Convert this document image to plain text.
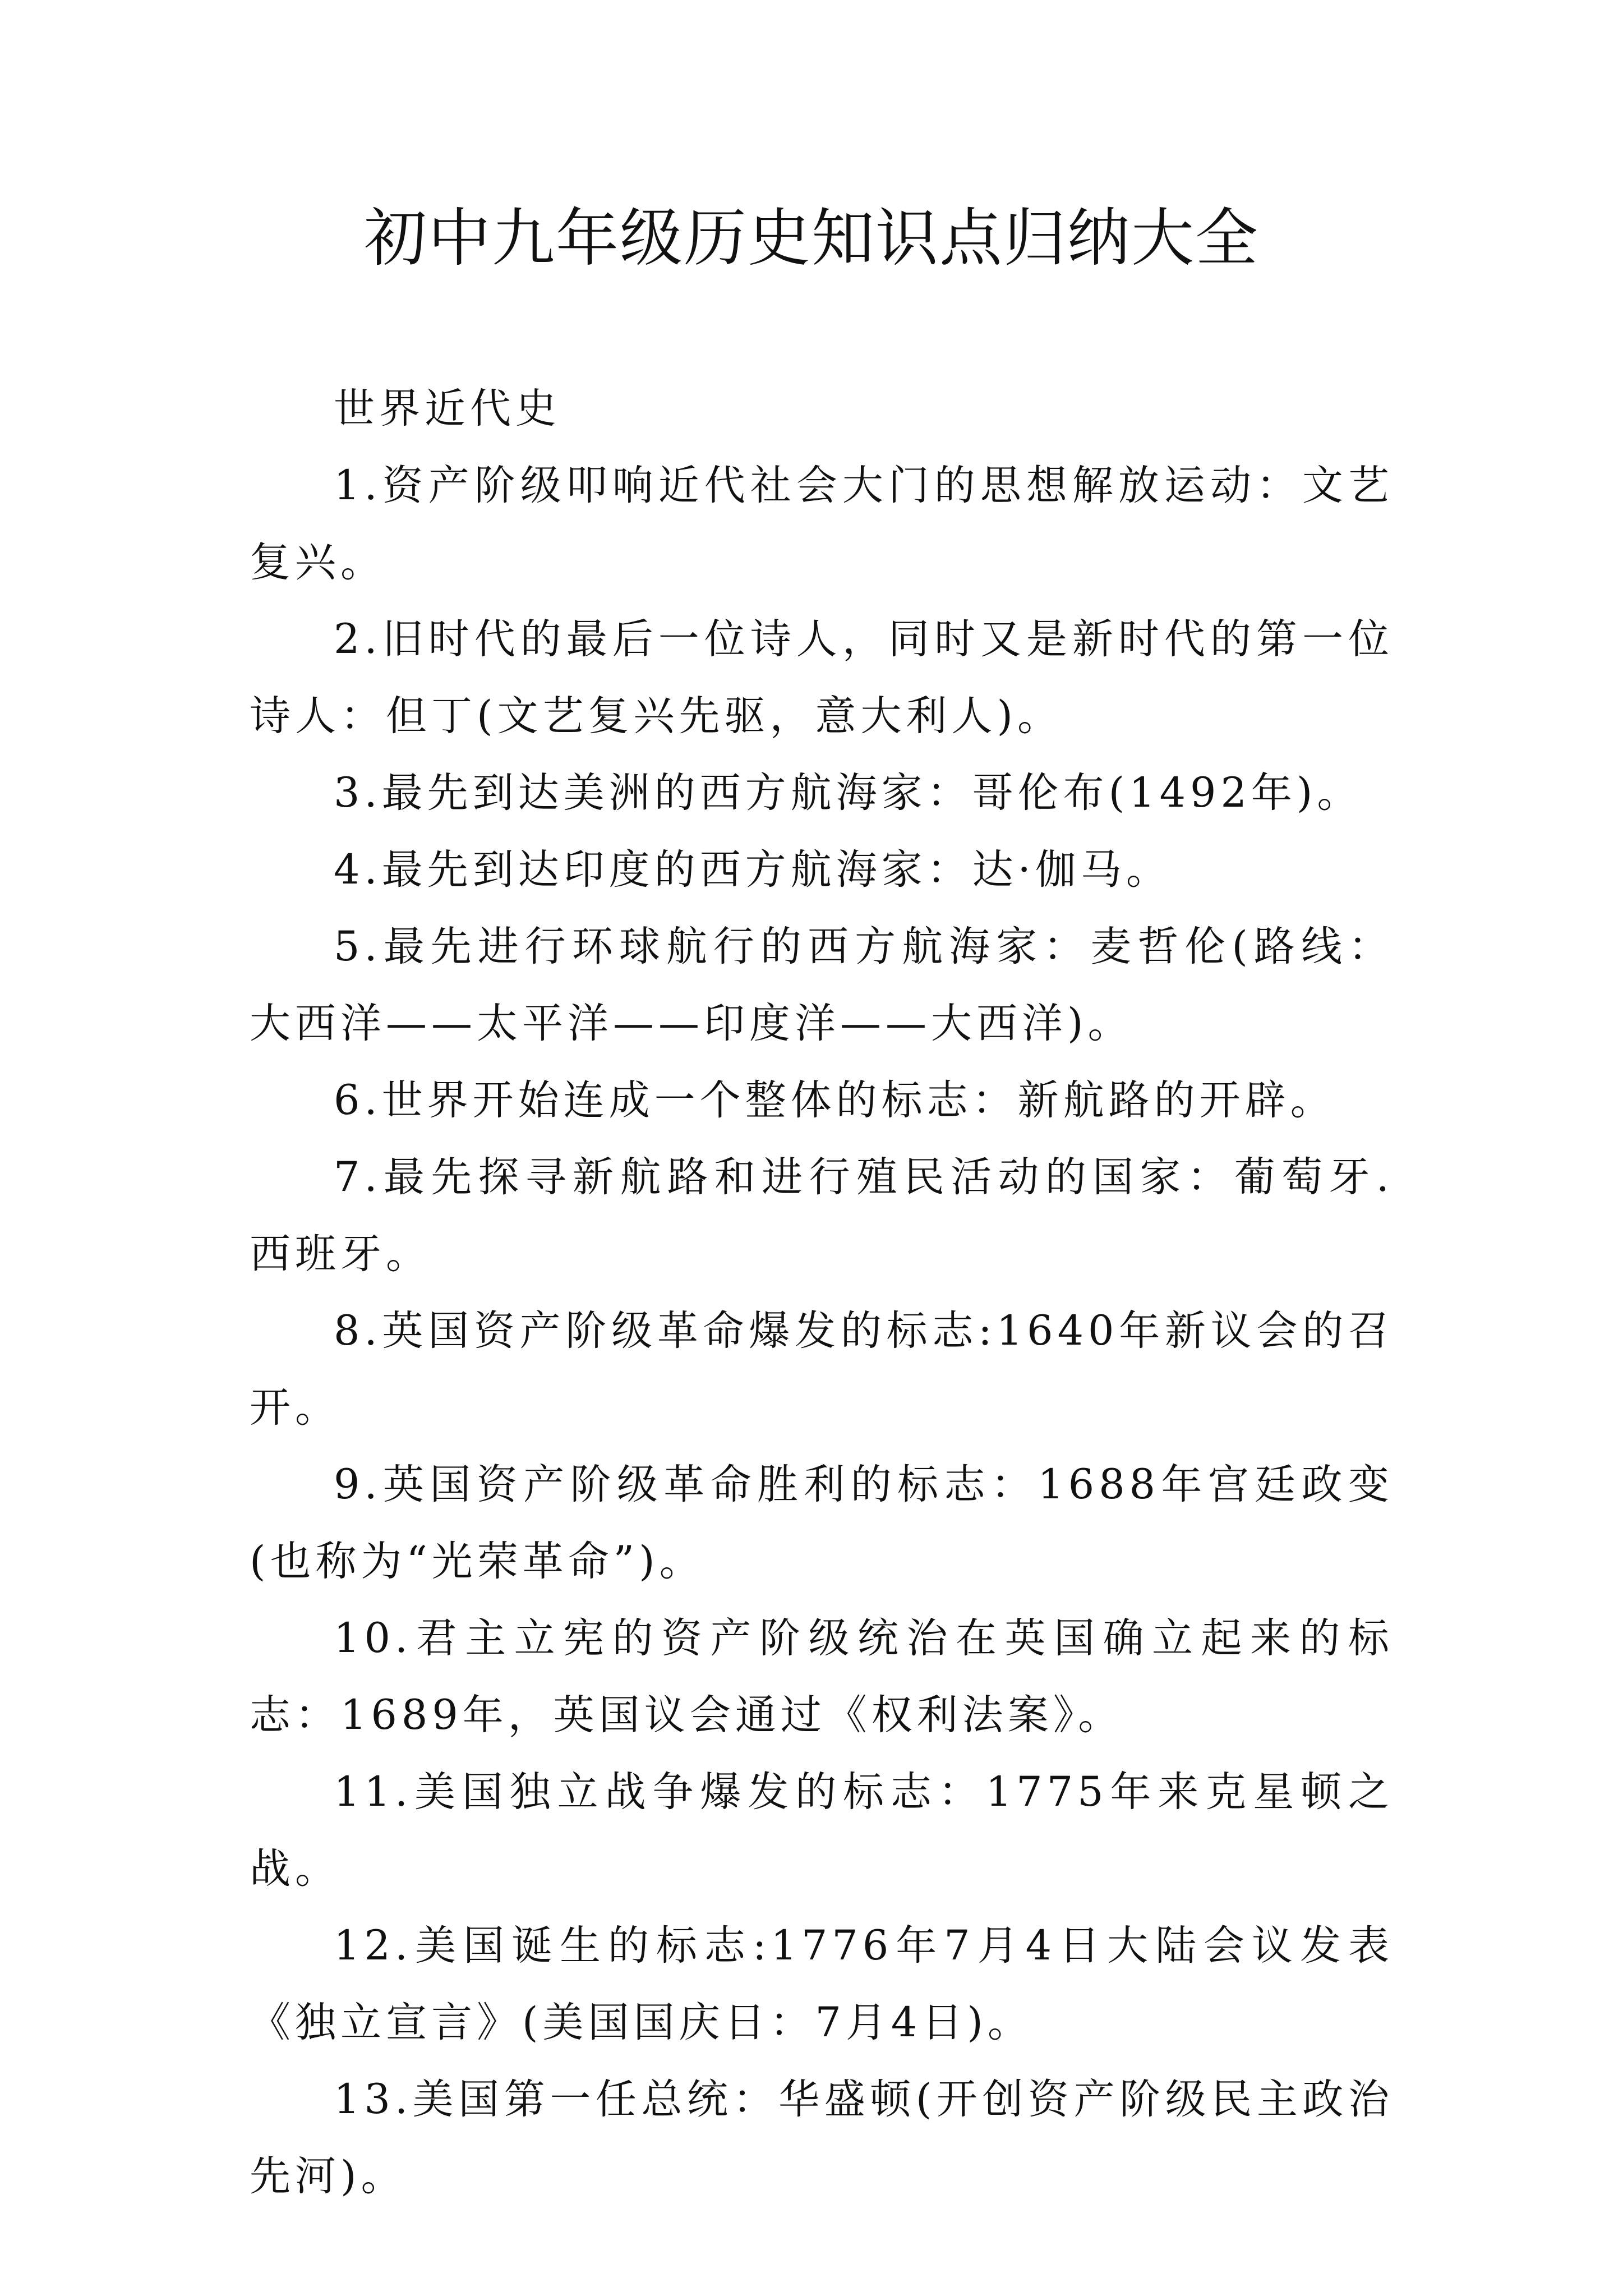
初中九年级历史知识点归纳大全

世界近代史

1.资产阶级叩响近代社会大门的思想解放运动：文艺复兴。

2.旧时代的最后一位诗人，同时又是新时代的第一位诗人：但丁(文艺复兴先驱，意大利人)。

3.最先到达美洲的西方航海家：哥伦布(1492年)。

4.最先到达印度的西方航海家：达·伽马。

5.最先进行环球航行的西方航海家：麦哲伦(路线：大西洋——太平洋——印度洋——大西洋)。

6.世界开始连成一个整体的标志：新航路的开辟。

7.最先探寻新航路和进行殖民活动的国家：葡萄牙.西班牙。

8.英国资产阶级革命爆发的标志:1640年新议会的召开。

9.英国资产阶级革命胜利的标志：1688年宫廷政变(也称为“光荣革命”)。

10.君主立宪的资产阶级统治在英国确立起来的标志：1689年，英国议会通过《权利法案》。

11.美国独立战争爆发的标志：1775年来克星顿之战。

12.美国诞生的标志:1776年7月4日大陆会议发表《独立宣言》(美国国庆日：7月4日)。

13.美国第一任总统：华盛顿(开创资产阶级民主政治先河)。
